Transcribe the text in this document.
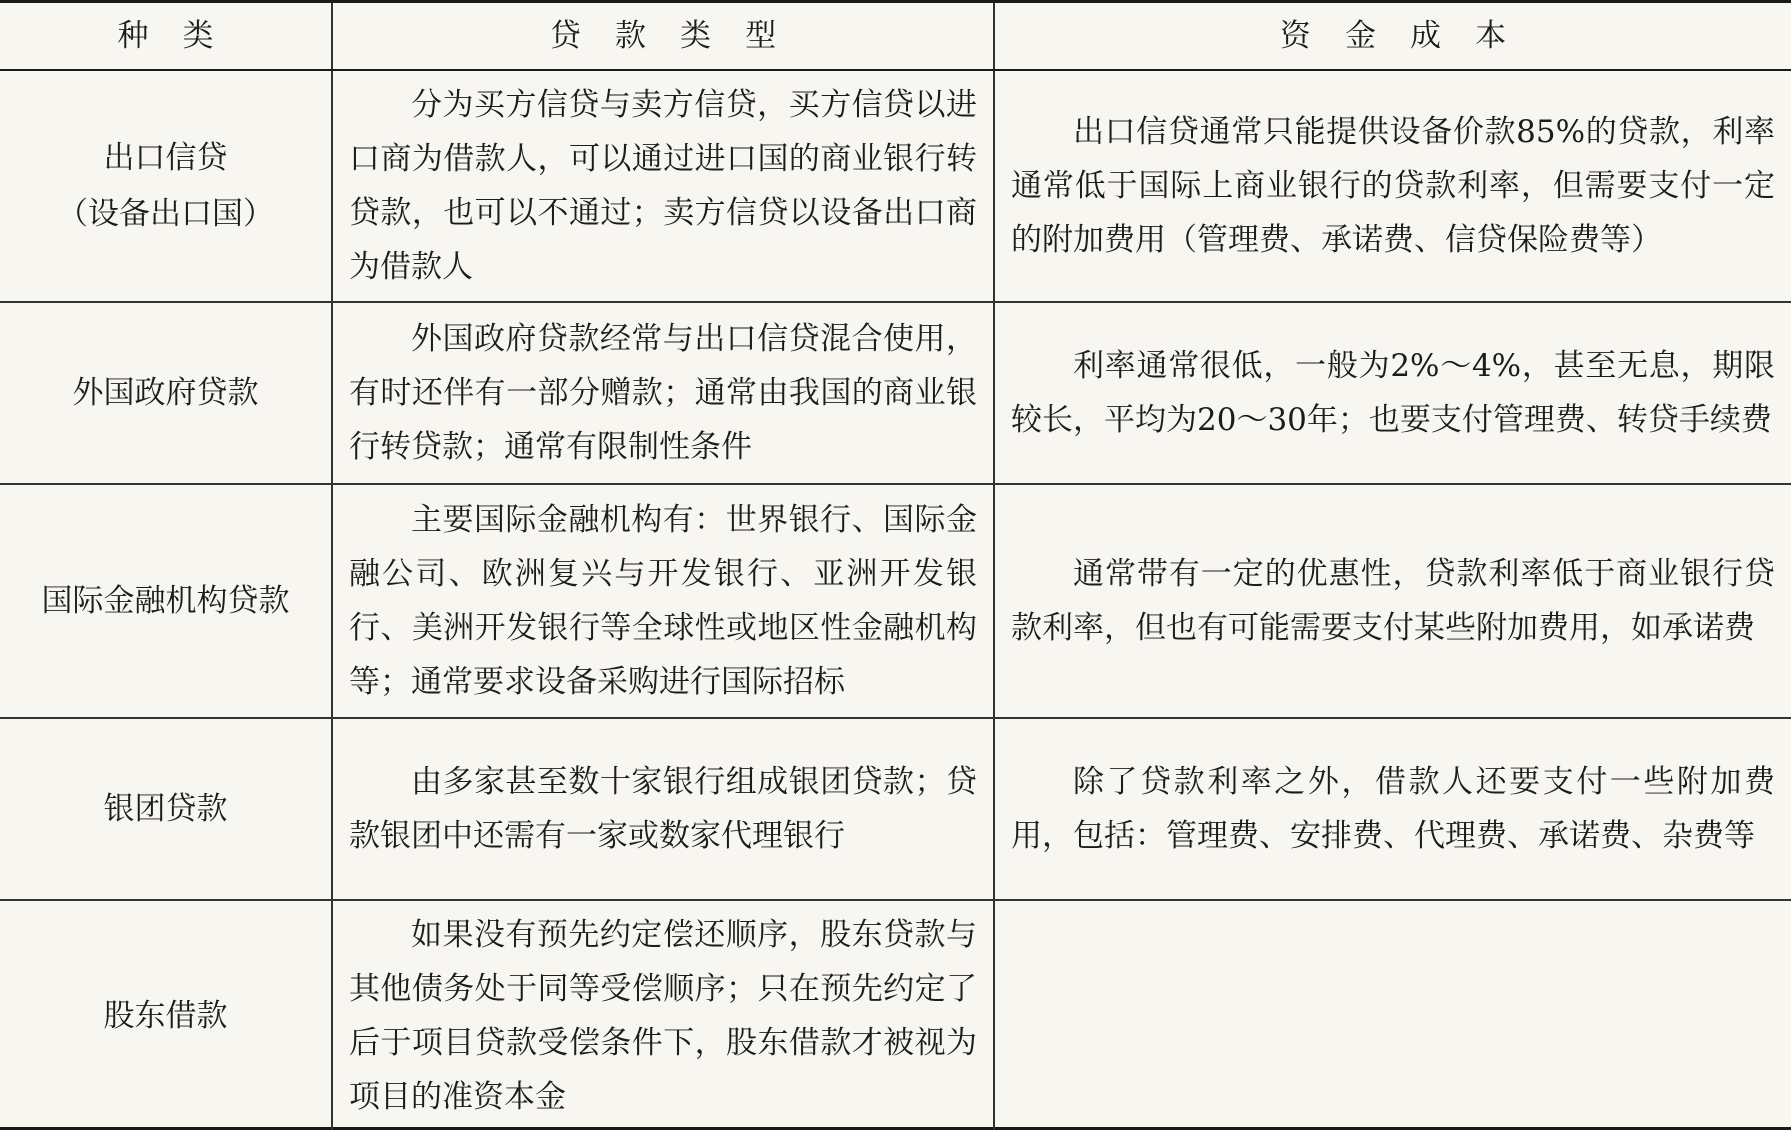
种类	贷款类型	资金成本

出口信贷
（设备出口国）	分为买方信贷与卖方信贷，买方信贷以进口商为借款人，可以通过进口国的商业银行转贷款，也可以不通过；卖方信贷以设备出口商为借款人	出口信贷通常只能提供设备价款85%的贷款，利率通常低于国际上商业银行的贷款利率，但需要支付一定的附加费用（管理费、承诺费、信贷保险费等）

外国政府贷款	外国政府贷款经常与出口信贷混合使用，有时还伴有一部分赠款；通常由我国的商业银行转贷款；通常有限制性条件	利率通常很低，一般为2%～4%，甚至无息，期限较长，平均为20～30年；也要支付管理费、转贷手续费

国际金融机构贷款	主要国际金融机构有：世界银行、国际金融公司、欧洲复兴与开发银行、亚洲开发银行、美洲开发银行等全球性或地区性金融机构等；通常要求设备采购进行国际招标	通常带有一定的优惠性，贷款利率低于商业银行贷款利率，但也有可能需要支付某些附加费用，如承诺费

银团贷款	由多家甚至数十家银行组成银团贷款；贷款银团中还需有一家或数家代理银行	除了贷款利率之外，借款人还要支付一些附加费用，包括：管理费、安排费、代理费、承诺费、杂费等

股东借款	如果没有预先约定偿还顺序，股东贷款与其他债务处于同等受偿顺序；只在预先约定了后于项目贷款受偿条件下，股东借款才被视为项目的准资本金	
